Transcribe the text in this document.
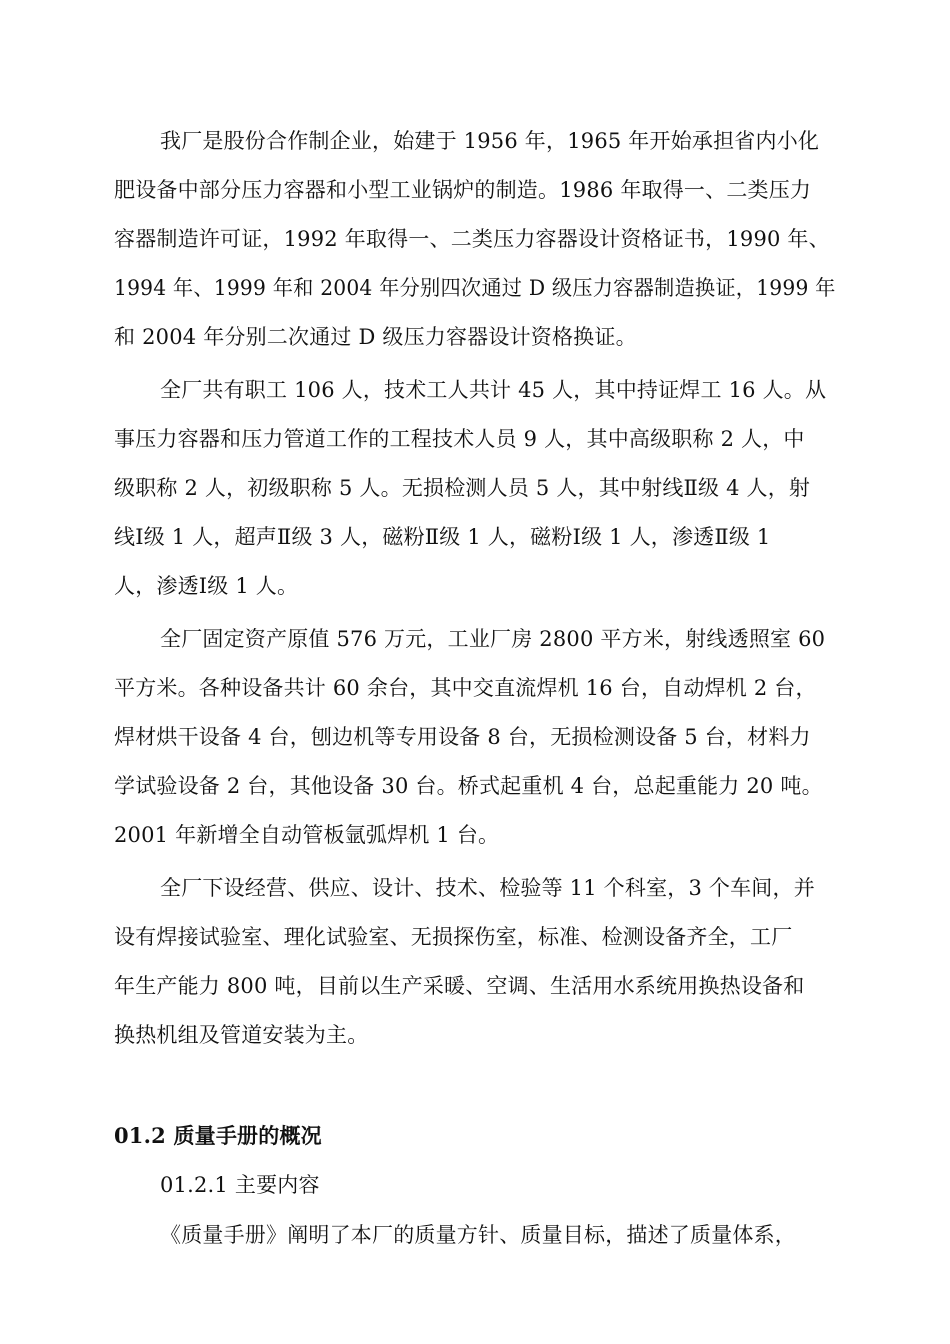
我厂是股份合作制企业，始建于 1956 年，1965 年开始承担省内小化
肥设备中部分压力容器和小型工业锅炉的制造。1986 年取得一、二类压力
容器制造许可证，1992 年取得一、二类压力容器设计资格证书，1990 年、
1994 年、1999 年和 2004 年分别四次通过 D 级压力容器制造换证，1999 年
和 2004 年分别二次通过 D 级压力容器设计资格换证。
全厂共有职工 106 人，技术工人共计 45 人，其中持证焊工 16 人。从
事压力容器和压力管道工作的工程技术人员 9 人，其中高级职称 2 人，中
级职称 2 人，初级职称 5 人。无损检测人员 5 人，其中射线Ⅱ级 4 人，射
线Ⅰ级 1 人，超声Ⅱ级 3 人，磁粉Ⅱ级 1 人，磁粉Ⅰ级 1 人，渗透Ⅱ级 1
人，渗透Ⅰ级 1 人。
全厂固定资产原值 576 万元，工业厂房 2800 平方米，射线透照室 60
平方米。各种设备共计 60 余台，其中交直流焊机 16 台，自动焊机 2 台，
焊材烘干设备 4 台，刨边机等专用设备 8 台，无损检测设备 5 台，材料力
学试验设备 2 台，其他设备 30 台。桥式起重机 4 台，总起重能力 20 吨。
2001 年新增全自动管板氩弧焊机 1 台。
全厂下设经营、供应、设计、技术、检验等 11 个科室，3 个车间，并
设有焊接试验室、理化试验室、无损探伤室，标准、检测设备齐全，工厂
年生产能力 800 吨，目前以生产采暖、空调、生活用水系统用换热设备和
换热机组及管道安装为主。
01.2 质量手册的概况
01.2.1 主要内容
《质量手册》阐明了本厂的质量方针、质量目标，描述了质量体系，
